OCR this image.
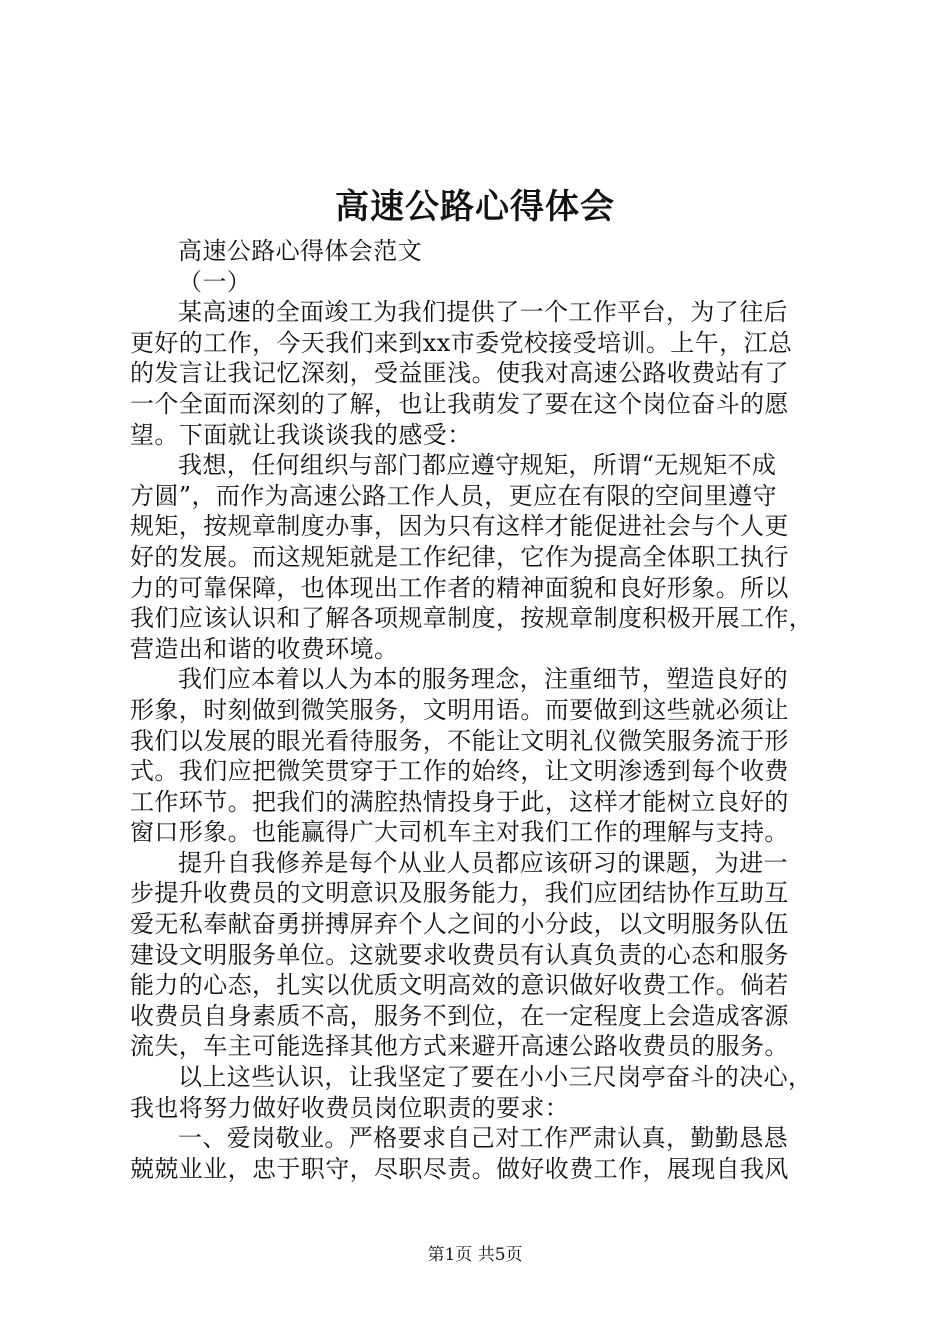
高速公路心得体会
高速公路心得体会范文
（一）
某高速的全面竣工为我们提供了一个工作平台，为了往后
更好的工作，今天我们来到xx市委党校接受培训。上午，江总
的发言让我记忆深刻，受益匪浅。使我对高速公路收费站有了
一个全面而深刻的了解，也让我萌发了要在这个岗位奋斗的愿
望。下面就让我谈谈我的感受：
我想，任何组织与部门都应遵守规矩，所谓“无规矩不成
方圆”，而作为高速公路工作人员，更应在有限的空间里遵守
规矩，按规章制度办事，因为只有这样才能促进社会与个人更
好的发展。而这规矩就是工作纪律，它作为提高全体职工执行
力的可靠保障，也体现出工作者的精神面貌和良好形象。所以
我们应该认识和了解各项规章制度，按规章制度积极开展工作，
营造出和谐的收费环境。
我们应本着以人为本的服务理念，注重细节，塑造良好的
形象，时刻做到微笑服务，文明用语。而要做到这些就必须让
我们以发展的眼光看待服务，不能让文明礼仪微笑服务流于形
式。我们应把微笑贯穿于工作的始终，让文明渗透到每个收费
工作环节。把我们的满腔热情投身于此，这样才能树立良好的
窗口形象。也能赢得广大司机车主对我们工作的理解与支持。
提升自我修养是每个从业人员都应该研习的课题，为进一
步提升收费员的文明意识及服务能力，我们应团结协作互助互
爱无私奉献奋勇拼搏屏弃个人之间的小分歧，以文明服务队伍
建设文明服务单位。这就要求收费员有认真负责的心态和服务
能力的心态，扎实以优质文明高效的意识做好收费工作。倘若
收费员自身素质不高，服务不到位，在一定程度上会造成客源
流失，车主可能选择其他方式来避开高速公路收费员的服务。
以上这些认识，让我坚定了要在小小三尺岗亭奋斗的决心，
我也将努力做好收费员岗位职责的要求：
一、爱岗敬业。严格要求自己对工作严肃认真，勤勤恳恳
兢兢业业，忠于职守，尽职尽责。做好收费工作，展现自我风
第1页 共5页
